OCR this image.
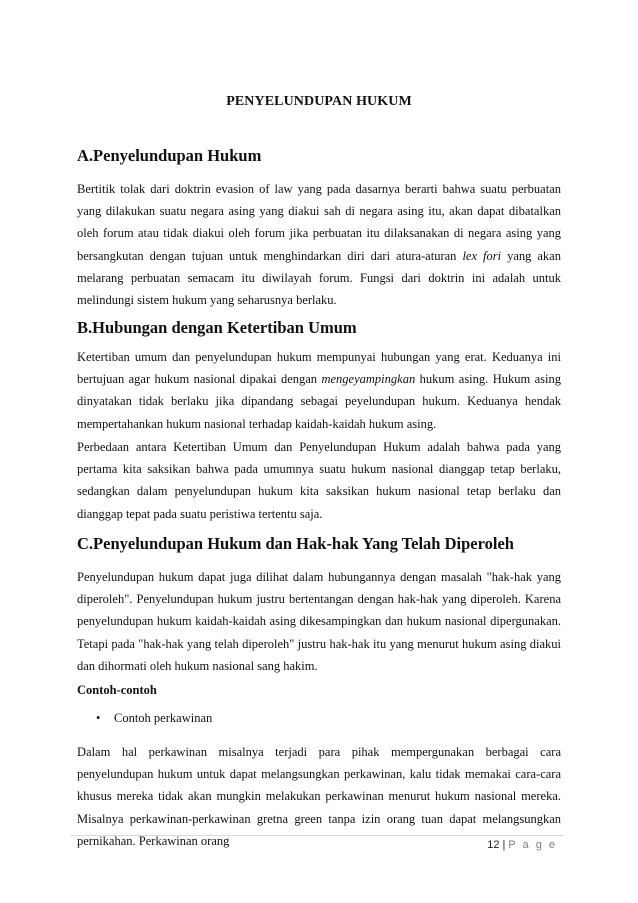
PENYELUNDUPAN HUKUM
A.Penyelundupan Hukum

Bertitik tolak dari doktrin evasion of law yang pada dasarnya berarti bahwa suatu perbuatan yang dilakukan suatu negara asing yang diakui sah di negara asing itu, akan dapat dibatalkan oleh forum atau tidak diakui oleh forum jika perbuatan itu dilaksanakan di negara asing yang bersangkutan dengan tujuan untuk menghindarkan diri dari atura-aturan lex fori yang akan melarang perbuatan semacam itu diwilayah forum. Fungsi dari doktrin ini adalah untuk melindungi sistem hukum yang seharusnya berlaku.

B.Hubungan dengan Ketertiban Umum

Ketertiban umum dan penyelundupan hukum mempunyai hubungan yang erat. Keduanya ini bertujuan agar hukum nasional dipakai dengan mengeyampingkan hukum asing. Hukum asing dinyatakan tidak berlaku jika dipandang sebagai peyelundupan hukum. Keduanya hendak mempertahankan hukum nasional terhadap kaidah-kaidah hukum asing.

Perbedaan antara Ketertiban Umum dan Penyelundupan Hukum adalah bahwa pada yang pertama kita saksikan bahwa pada umumnya suatu hukum nasional dianggap tetap berlaku, sedangkan dalam penyelundupan hukum kita saksikan hukum nasional tetap berlaku dan dianggap tepat pada suatu peristiwa tertentu saja.

C.Penyelundupan Hukum dan Hak-hak Yang Telah Diperoleh

Penyelundupan hukum dapat juga dilihat dalam hubungannya dengan masalah "hak-hak yang diperoleh". Penyelundupan hukum justru bertentangan dengan hak-hak yang diperoleh. Karena penyelundupan hukum kaidah-kaidah asing dikesampingkan dan hukum nasional dipergunakan. Tetapi pada "hak-hak yang telah diperoleh" justru hak-hak itu yang menurut hukum asing diakui dan dihormati oleh hukum nasional sang hakim.

Contoh-contoh
• Contoh perkawinan

Dalam hal perkawinan misalnya terjadi para pihak mempergunakan berbagai cara penyelundupan hukum untuk dapat melangsungkan perkawinan, kalu tidak memakai cara-cara khusus mereka tidak akan mungkin melakukan perkawinan menurut hukum nasional mereka. Misalnya perkawinan-perkawinan gretna green tanpa izin orang tuan dapat melangsungkan pernikahan. Perkawinan orang	12 | P a g e
